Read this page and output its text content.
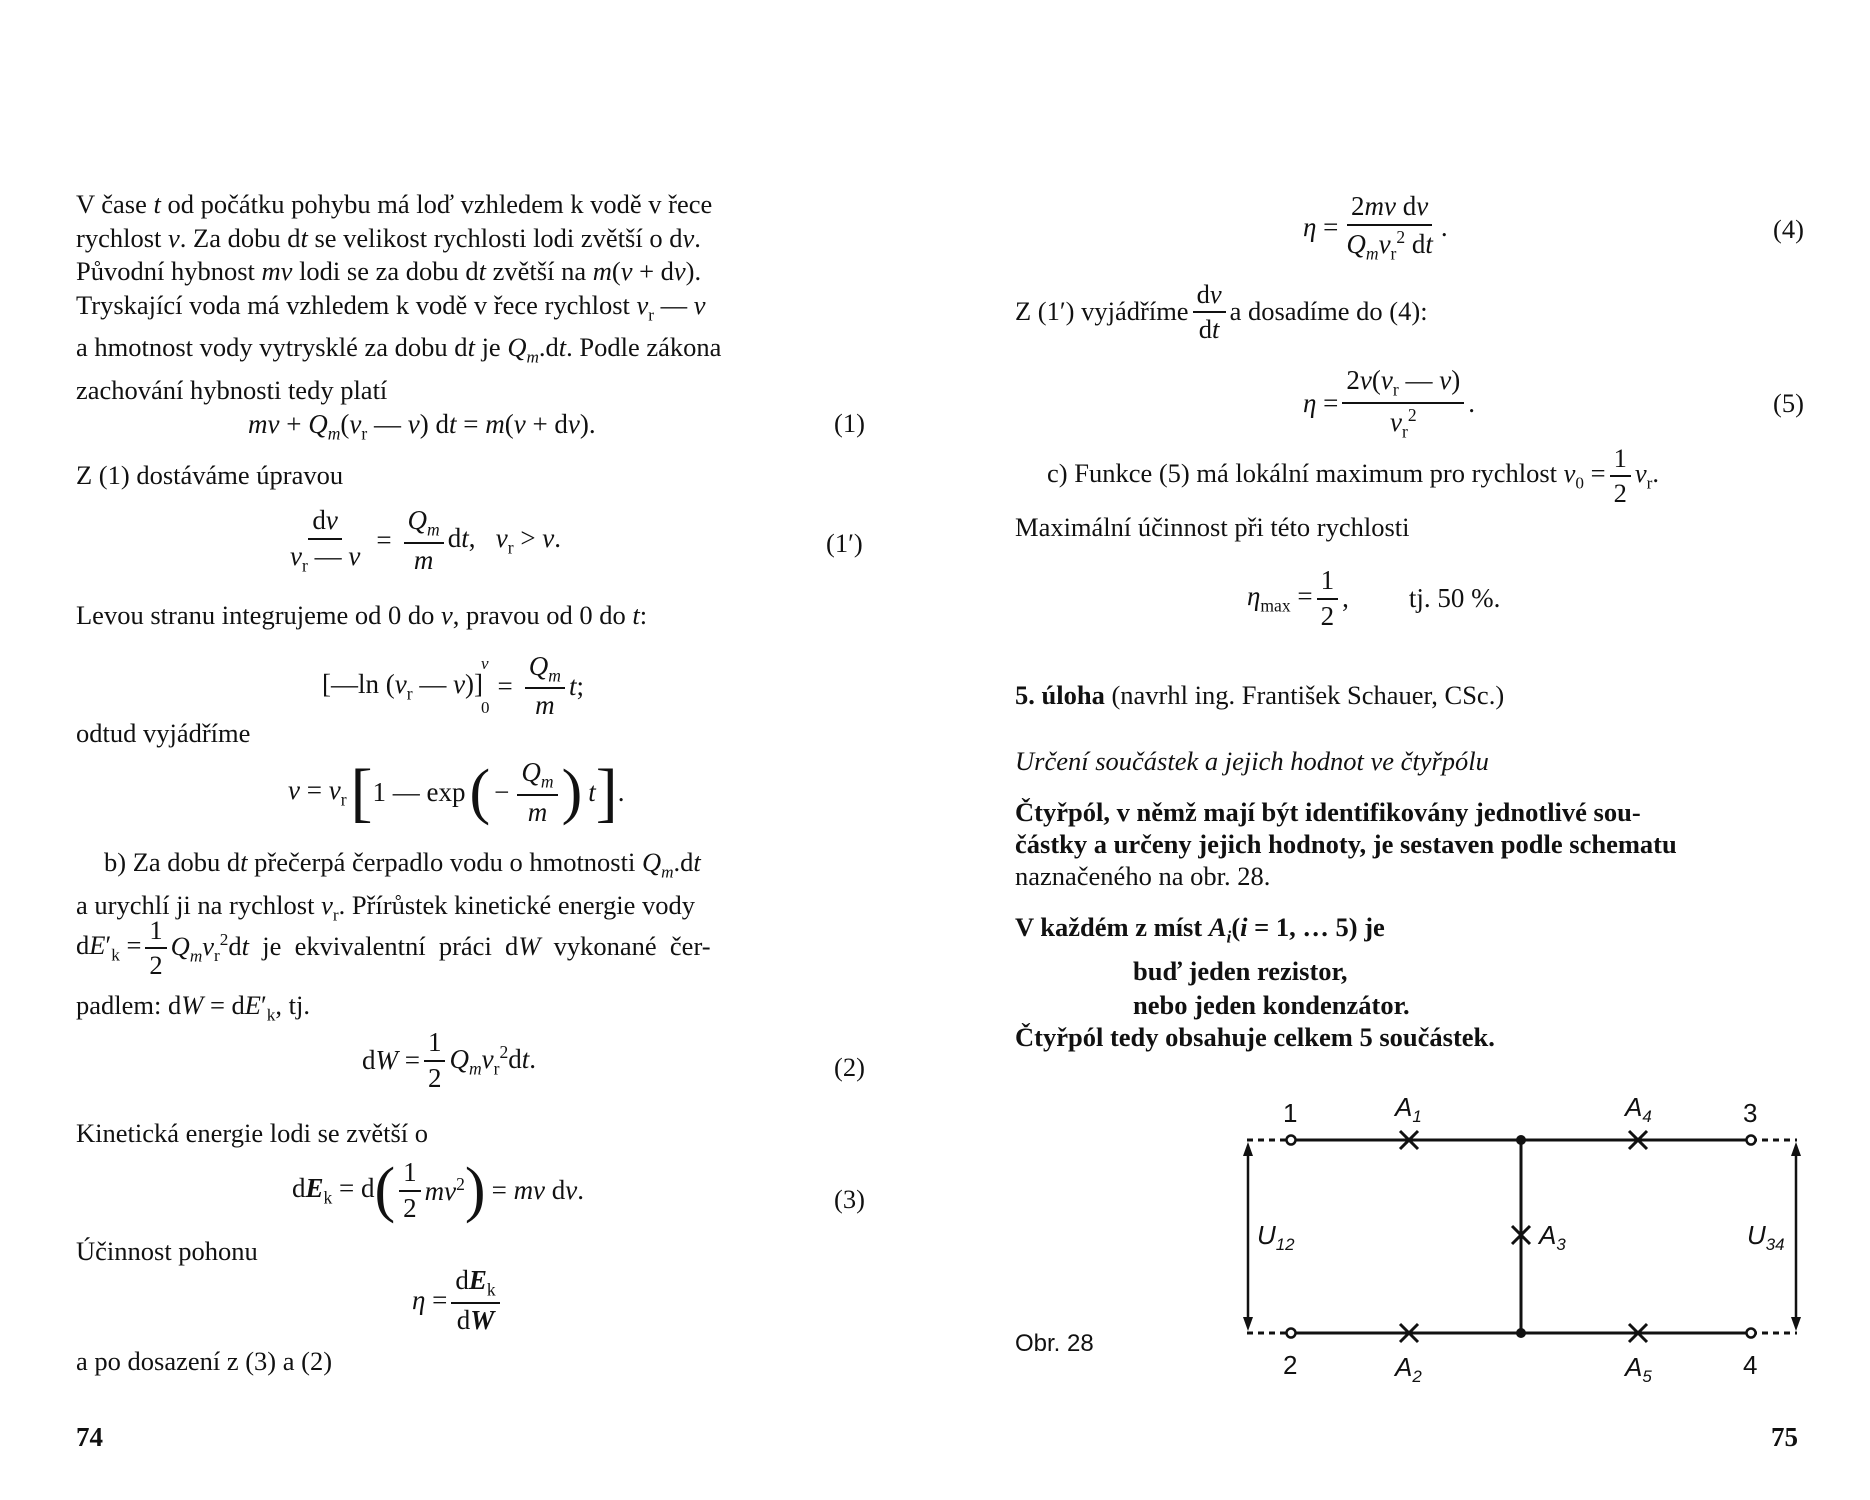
V čase t od počátku pohybu má loď vzhledem k vodě v řece
rychlost v. Za dobu dt se velikost rychlosti lodi zvětší o dv.
Původní hybnost mv lodi se za dobu dt zvětší na m(v + dv).
Tryskající voda má vzhledem k vodě v řece rychlost $v_r$ — v
a hmotnost vody vytrysklé za dobu dt je $Q_m.dt$. Podle zákona
zachování hybnosti tedy platí
mv + $Q_m(v_r$ — v) dt = m(v + dv).	(1)
Z (1) dostáváme úpravou
$\frac{dv}{v_r — v} = \frac{Q_m}{m}$ dt,   $v_r > v$.	(1′)
Levou stranu integrujeme od 0 do v, pravou od 0 do t:
[—ln ($v_r$ — v)]
v
0
= $\frac{Q_m}{m} t$;
odtud vyjádříme
$v = v_r$ [ 1 — exp ( − $\frac{Q_m}{m}$ ) t ] .
b) Za dobu dt přečerpá čerpadlo vodu o hmotnosti $Q_m.dt$
a urychlí ji na rychlost $v_r$. Přírůstek kinetické energie vody
$dE'_k = \frac{1}{2} Q_mv_r^2dt$  je  ekvivalentní  práci  dW  vykonané  čer-
padlem: dW = $dE'_k$, tj.
dW = $\frac{1}{2} Q_mv_r^2dt$.	(2)
Kinetická energie lodi se zvětší o
$dE_k = d$ ( $\frac{1}{2} mv^2$ ) = mv dv.	(3)
Účinnost pohonu
$\eta = \frac{dE_k}{dW}$
a po dosazení z (3) a (2)
74
$\eta = \frac{\text{2mv dv}}{Q_mv_r^2 dt}$ .	(4)
Z (1′) vyjádříme $\frac{dv}{dt}$ a dosadíme do (4):
$\eta = \frac{2v(v_r — v)}{v_r^2}$ .	(5)
c) Funkce (5) má lokální maximum pro rychlost $v_0 = \frac{1}{2} v_r$.
Maximální účinnost při této rychlosti
$\eta_{max} = \frac{1}{2}$ , tj. 50 %.
5. úloha (navrhl ing. František Schauer, CSc.)
Určení součástek a jejich hodnot ve čtyřpólu
Čtyřpól, v němž mají být identifikovány jednotlivé sou-
částky a určeny jejich hodnoty, je sestaven podle schematu
naznačeného na obr. 28.
V každém z míst $A_i(i = 1$, … 5) je
buď jeden rezistor,
nebo jeden kondenzátor.
Čtyřpól tedy obsahuje celkem 5 součástek.
1
2
3
4
$A_1$	$A_4$
$A_3$
$A_2$	$A_5$
$U_{12}$	$U_{34}$
Obr. 28
75
